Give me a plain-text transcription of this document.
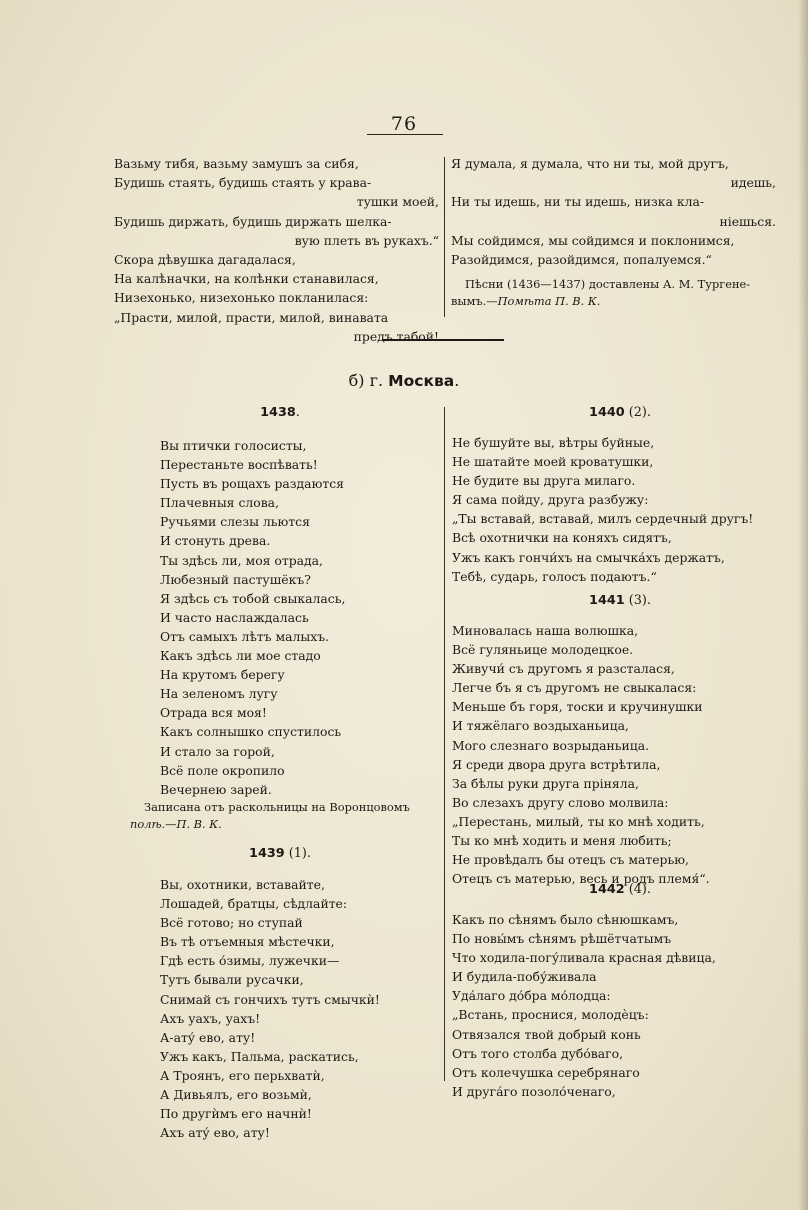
76
Вазьму тибя, вазьму замушъ за сибя,
Будишь стаять, будишь стаять у крава-
тушки моей,
Будишь диржать, будишь диржать шелка-
вую плеть въ рукахъ.“
Скора дѣвушка дагадалася,
На калѣначки, на колѣнки станавилася,
Низехонько, низехонько покланилася:
„Прасти, милой, прасти, милой, винавата
предъ табой!
Я думала, я думала, что ни ты, мой другъ,
идешь,
Ни ты идешь, ни ты идешь, низка кла-
ніешься.
Мы сойдимся, мы сойдимся и поклонимся,
Разойдимся, разойдимся, попалуемся.“
Пѣсни (1436—1437) доставлены А. М. Тургене-
вымъ.—Помѣта П. В. К.
б) г. Москва.
1438.
Вы птички голосисты,
Перестаньте воспѣвать!
Пусть въ рощахъ раздаются
Плачевныя слова,
Ручьями слезы льются
И стонуть древа.
Ты здѣсь ли, моя отрада,
Любезный пастушёкъ?
Я здѣсь съ тобой свыкалась,
И часто наслаждалась
Отъ самыхъ лѣтъ малыхъ.
Какъ здѣсь ли мое стадо
На крутомъ берегу
На зеленомъ лугу
Отрада вся моя!
Какъ солнышко спустилось
И стало за горой,
Всё поле окропило
Вечернею зарей.
Записана отъ раскольницы на Воронцовомъ
полѣ.—П. В. К.
1439 (1).
Вы, охотники, вставайте,
Лошадей, братцы, сѣдлайте:
Всё готово; но ступай
Въ тѣ отъемныя мѣстечки,
Гдѣ есть о́зимы, лужечки—
Тутъ бывали русачки,
Снимай съ гончихъ тутъ смычкѝ!
Ахъ уахъ, уахъ!
А-ату́ ево, ату!
Ужъ какъ, Пальма, раскатись,
А Троянъ, его перьхватѝ,
А Дивьялъ, его возьмѝ,
По другѝмъ его начнѝ!
Ахъ ату́ ево, ату!
1440 (2).
Не бушуйте вы, вѣтры буйные,
Не шатайте моей кроватушки,
Не будите вы друга милаго.
Я сама пойду, друга разбужу:
„Ты вставай, вставай, милъ сердечный другъ!
Всѣ охотнички на коняхъ сидятъ,
Ужъ какъ гончи́хъ на смычка́хъ держатъ,
Тебѣ, сударь, голосъ подаютъ.“
1441 (3).
Миновалась наша волюшка,
Всё гуляньице молодецкое.
Живучи́ съ другомъ я разсталася,
Легче бъ я съ другомъ не свыкалася:
Меньше бъ горя, тоски и кручинушки
И тяжёлаго воздыханьица,
Мого слезнаго возрыданьица.
Я среди двора друга встрѣтила,
За бѣлы руки друга пріняла,
Во слезахъ другу слово молвила:
„Перестань, милый, ты ко мнѣ ходить,
Ты ко мнѣ ходить и меня любить;
Не провѣдалъ бы отецъ съ матерью,
Отецъ съ матерью, весь и родъ племя́“.
1442 (4).
Какъ по сѣнямъ было сѣнюшкамъ,
По новы́мъ сѣнямъ рѣшётчатымъ
Что ходила-погу́ливала красная дѣвица,
И будила-побу́живала
Уда́лаго до́бра мо́лодца:
„Встань, проснися, молодѐцъ:
Отвязался твой добрый конь
Отъ того столба дубо́ваго,
Отъ колечушка серебрянаго
И друга́го позоло́ченаго,
